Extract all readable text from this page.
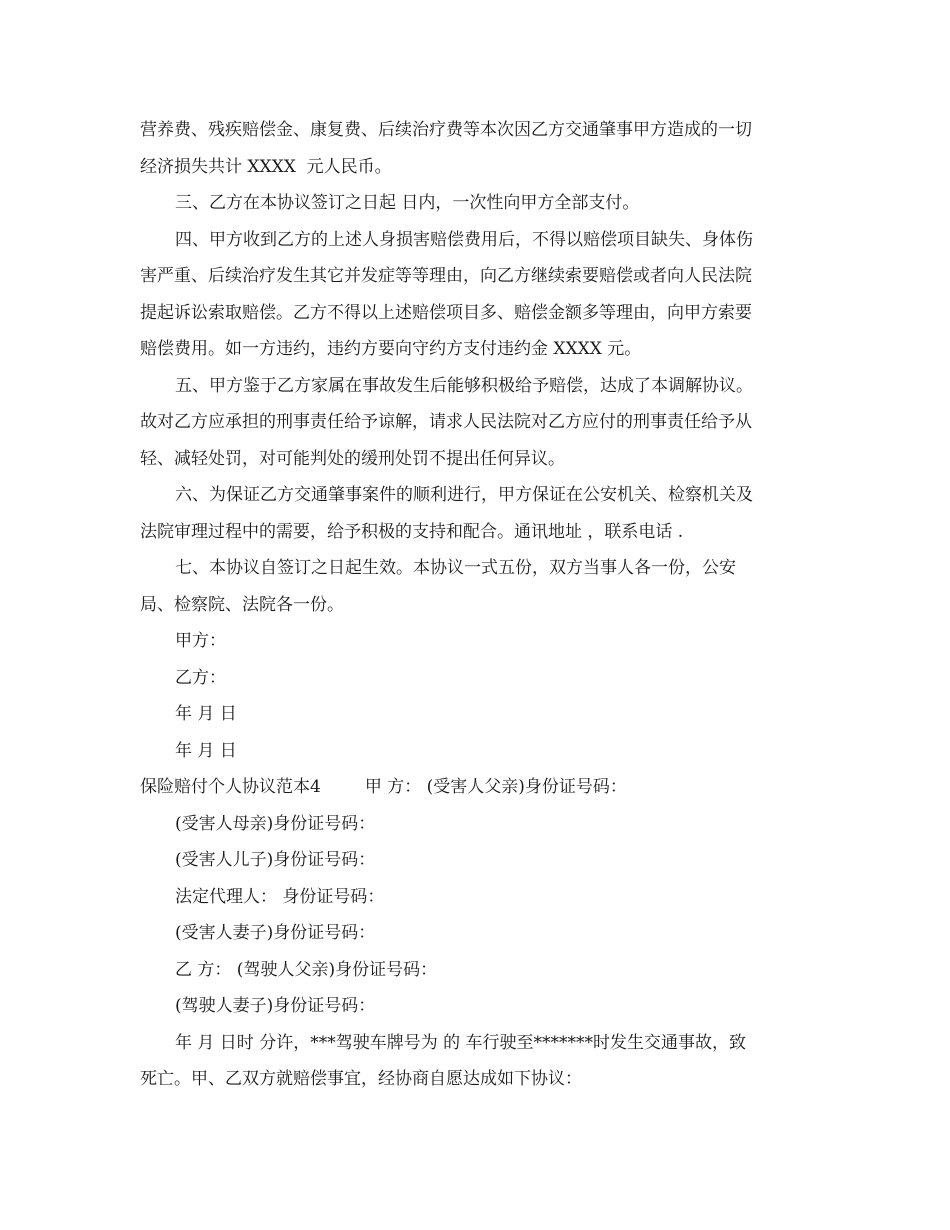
营养费、残疾赔偿金、康复费、后续治疗费等本次因乙方交通肇事甲方造成的一切
经济损失共计 XXXX  元人民币。
三、乙方在本协议签订之日起 日内，一次性向甲方全部支付。
四、甲方收到乙方的上述人身损害赔偿费用后，不得以赔偿项目缺失、身体伤
害严重、后续治疗发生其它并发症等等理由，向乙方继续索要赔偿或者向人民法院
提起诉讼索取赔偿。乙方不得以上述赔偿项目多、赔偿金额多等理由，向甲方索要
赔偿费用。如一方违约，违约方要向守约方支付违约金 XXXX 元。
五、甲方鉴于乙方家属在事故发生后能够积极给予赔偿，达成了本调解协议。
故对乙方应承担的刑事责任给予谅解，请求人民法院对乙方应付的刑事责任给予从
轻、减轻处罚，对可能判处的缓刑处罚不提出任何异议。
六、为保证乙方交通肇事案件的顺利进行，甲方保证在公安机关、检察机关及
法院审理过程中的需要，给予积极的支持和配合。通讯地址 ，联系电话 .
七、本协议自签订之日起生效。本协议一式五份，双方当事人各一份，公安
局、检察院、法院各一份。
甲方：
乙方：
年 月 日
年 月 日
保险赔付个人协议范本4	甲 方： (受害人父亲)身份证号码：
(受害人母亲)身份证号码：
(受害人儿子)身份证号码：
法定代理人： 身份证号码：
(受害人妻子)身份证号码：
乙 方： (驾驶人父亲)身份证号码：
(驾驶人妻子)身份证号码：
年 月 日时 分许，***驾驶车牌号为 的 车行驶至*******时发生交通事故，致
死亡。甲、乙双方就赔偿事宜，经协商自愿达成如下协议：
